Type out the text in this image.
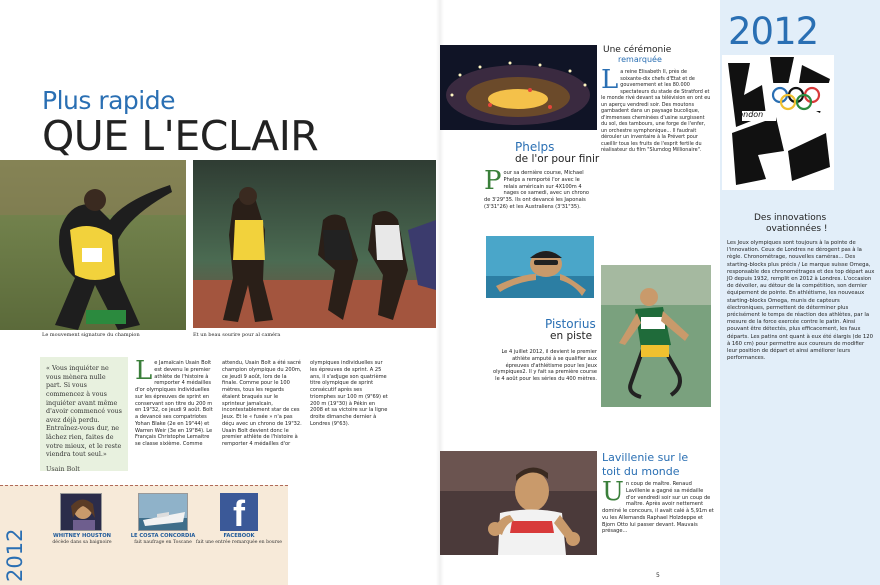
Plus rapide
QUE L'ECLAIR
Le mouvement signature du champion	Et un beau sourire pour al caméra
« Vous inquiéter ne vous mènera nulle part. Si vous commencez à vous inquiéter avant même d'avoir commencé vous avez déjà perdu. Entraînez-vous dur, ne lâchez rien, faites de votre mieux, et le reste viendra tout seul.»
Usain Bolt
L e Jamaïcain Usain Bolt est devenu le premier athlète de l'histoire à remporter 4 médailles d'or olympiques individuelles sur les épreuves de sprint en conservant son titre du 200 m en 19"32, ce jeudi 9 août. Bolt a devancé ses compatriotes Yohan Blake (2e en 19"44) et Warren Weir (3e en 19"84). Le Français Christophe Lemaitre se classe sixième. Comme
attendu, Usain Bolt a été sacré champion olympique du 200m, ce jeudi 9 août, lors de la finale. Comme pour le 100 mètres, tous les regards étaient braqués sur le sprinteur jamaïcain, incontestablement star de ces Jeux. Et le « fusée » n'a pas déçu avec un chrono de 19"32. Usain Bolt devient donc le premier athlète de l'histoire à remporter 4 médailles d'or
olympiques individuelles sur les épreuves de sprint. A 25 ans, il s'adjuge son quatrième titre olympique de sprint consécutif après ses triomphes sur 100 m (9"69) et 200 m (19"30) à Pékin en 2008 et sa victoire sur la ligne droite dimanche dernier à Londres (9"63).
2012	WHITNEY HOUSTON
décède dans sa baignoire
LE COSTA CONCORDIA
fait naufrage en Toscane
f
FACEBOOK
fait une entrée remarquée en bourse
Une cérémonie
remarquée
L a reine Elisabeth II, près de soixante-dix chefs d'Etat et de gouvernement et les 80.000 spectateurs du stade de Stratford et le monde rivé devant sa télévision en ont eu un aperçu vendredi soir. Des moutons gambadent dans un paysage bucolique, d'immenses cheminées d'usine surgissent du sol, des tambours, une forge de l'enfer, un orchestre symphonique... Il faudrait dérouler un inventaire à la Prévert pour cueillir tous les fruits de l'esprit fertile du réalisateur du film "Slumdog Millionaire".
Phelps
de l'or pour finir
P our sa dernière course, Michael Phelps a remporté l'or avec le relais américain sur 4X100m 4 nages ce samedi, avec un chrono de 3'29"35. Ils ont devancé les Japonais (3'31"26) et les Australiens (3'31"35).
Pistorius
en piste
Le 4 juillet 2012, il devient le premier athlète amputé à se qualifier aux épreuves d'athlétisme pour les Jeux olympiques2. Il y fait sa première course le 4 août pour les séries du 400 mètres.
Lavillenie sur le
toit du monde
U n coup de maître. Renaud Lavillenie a gagné sa médaille d'or vendredi soir sur un coup de maître. Après avoir nettement dominé le concours, il avait calé à 5,91m et vu les Allemands Raphael Holzdeppe et Bjorn Otto lui passer devant. Mauvais présage...
5
2012
london
Des innovations
ovationnées !
Les Jeux olympiques sont toujours à la pointe de l'innovation. Ceux de Londres ne dérogent pas à la règle. Chronométrage, nouvelles caméras... Des starting-blocks plus précis / Le marque suisse Omega, responsable des chronométrages et des top départ aux JO depuis 1932, remplit en 2012 à Londres. L'occasion de dévoiler, au détour de la compétition, son dernier équipement de pointe. En athlétisme, les nouveaux starting-blocks Omega, munis de capteurs électroniques, permettent de déterminer plus précisément le temps de réaction des athlètes, par la mesure de la force exercée contre le patin. Ainsi pouvant être détectés, plus efficacement, les faux départs. Les patins ont quant à eux été élargis (de 120 à 160 cm) pour permettre aux coureurs de modifier leur position de départ et ainsi améliorer leurs performances.
